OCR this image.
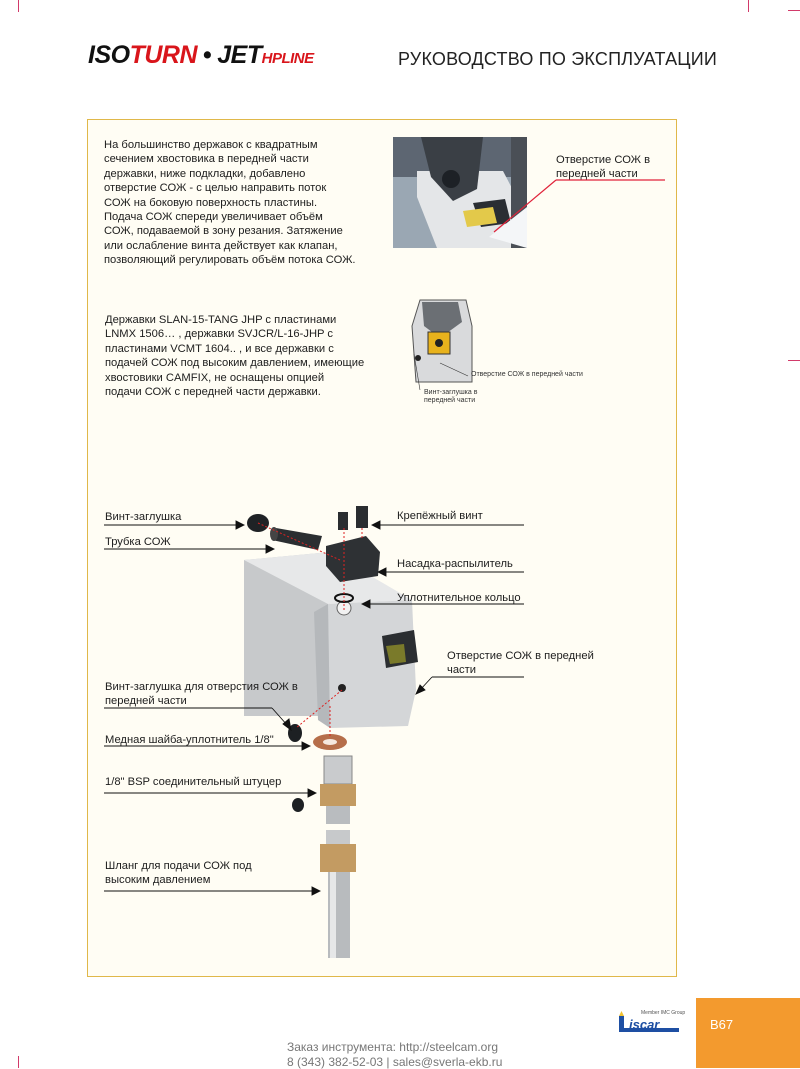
ISOTURN • JETHPLINE	РУКОВОДСТВО ПО ЭКСПЛУАТАЦИИ
На большинство державок с квадратным
сечением хвостовика в передней части
державки, ниже подкладки, добавлено
отверстие СОЖ - с целью направить поток
СОЖ на боковую поверхность пластины.
Подача СОЖ спереди увеличивает объём
СОЖ, подаваемой в зону резания. Затяжение
или ослабление винта действует как клапан,
позволяющий регулировать объём потока СОЖ.
Отверстие СОЖ в
передней части
Державки SLAN-15-TANG JHP с пластинами
LNMX 1506… , державки SVJCR/L-16-JHP с
пластинами VCMT 1604.. , и все державки с
подачей СОЖ под высоким давлением, имеющие
хвостовики CAMFIX, не оснащены опцией
подачи СОЖ с передней части державки.
Отверстие СОЖ в передней части
Винт-заглушка в
передней части
Винт-заглушка
Трубка СОЖ
Крепёжный винт
Насадка-распылитель
Уплотнительное кольцо
Отверстие СОЖ в передней
части
Винт-заглушка для отверстия СОЖ в
передней части
Медная шайба-уплотнитель 1/8"
1/8" BSP соединительный штуцер
Шланг для подачи СОЖ под
высоким давлением
Заказ инструмента: http://steelcam.org
8 (343) 382-52-03 | sales@sverla-ekb.ru
Member IMC Group
iscar	B67
